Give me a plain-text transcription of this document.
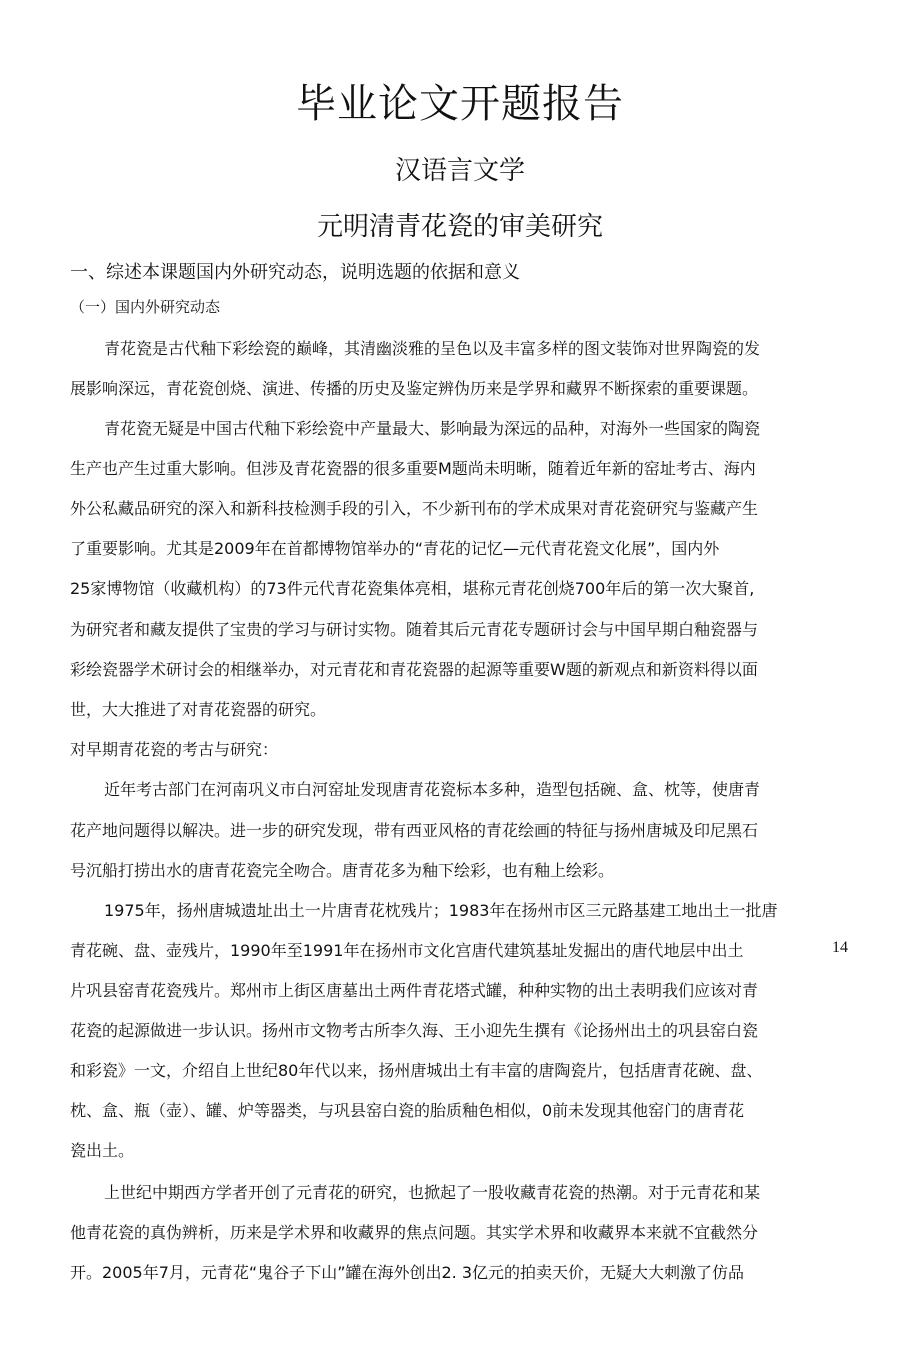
毕业论文开题报告
汉语言文学
元明清青花瓷的审美研究
一、综述本课题国内外研究动态，说明选题的依据和意义
（一）国内外研究动态
青花瓷是古代釉下彩绘瓷的巅峰，其清幽淡雅的呈色以及丰富多样的图文装饰对世界陶瓷的发
展影响深远，青花瓷创烧、演进、传播的历史及鉴定辨伪历来是学界和藏界不断探索的重要课题。
青花瓷无疑是中国古代釉下彩绘瓷中产量最大、影响最为深远的品种，对海外一些国家的陶瓷
生产也产生过重大影响。但涉及青花瓷器的很多重要M题尚未明晰，随着近年新的窑址考古、海内
外公私藏品研究的深入和新科技检测手段的引入，不少新刊布的学术成果对青花瓷研究与鉴藏产生
了重要影响。尤其是2009年在首都博物馆举办的“青花的记忆—元代青花瓷文化展”，国内外
25家博物馆（收藏机构）的73件元代青花瓷集体亮相，堪称元青花创烧700年后的第一次大聚首,
为研究者和藏友提供了宝贵的学习与研讨实物。随着其后元青花专题研讨会与中国早期白釉瓷器与
彩绘瓷器学术研讨会的相继举办，对元青花和青花瓷器的起源等重要W题的新观点和新资料得以面
世，大大推进了对青花瓷器的研究。
对早期青花瓷的考古与研究：
近年考古部门在河南巩义市白河窑址发现唐青花瓷标本多种，造型包括碗、盒、枕等，使唐青
花产地问题得以解决。进一步的研究发现，带有西亚风格的青花绘画的特征与扬州唐城及印尼黑石
号沉船打捞出水的唐青花瓷完全吻合。唐青花多为釉下绘彩，也有釉上绘彩。
1975年，扬州唐城遗址出土一片唐青花枕残片；1983年在扬州市区三元路基建工地出土一批唐
青花碗、盘、壶残片，1990年至1991年在扬州市文化宫唐代建筑基址发掘出的唐代地层中出土
片巩县窑青花瓷残片。郑州市上街区唐墓出土两件青花塔式罐，种种实物的出土表明我们应该对青
花瓷的起源做进一步认识。扬州市文物考古所李久海、王小迎先生撰有《论扬州出土的巩县窑白瓷
和彩瓷》一文，介绍自上世纪80年代以来，扬州唐城出土有丰富的唐陶瓷片，包括唐青花碗、盘、
枕、盒、瓶（壶）、罐、炉等器类，与巩县窑白瓷的胎质釉色相似，0前未发现其他窑门的唐青花
瓷出土。
上世纪中期西方学者开创了元青花的研究，也掀起了一股收藏青花瓷的热潮。对于元青花和某
他青花瓷的真伪辨析，历来是学术界和收藏界的焦点问题。其实学术界和收藏界本来就不宜截然分
开。2005年7月，元青花“鬼谷子下山”罐在海外创出2. 3亿元的拍卖天价，无疑大大刺激了仿品
14
